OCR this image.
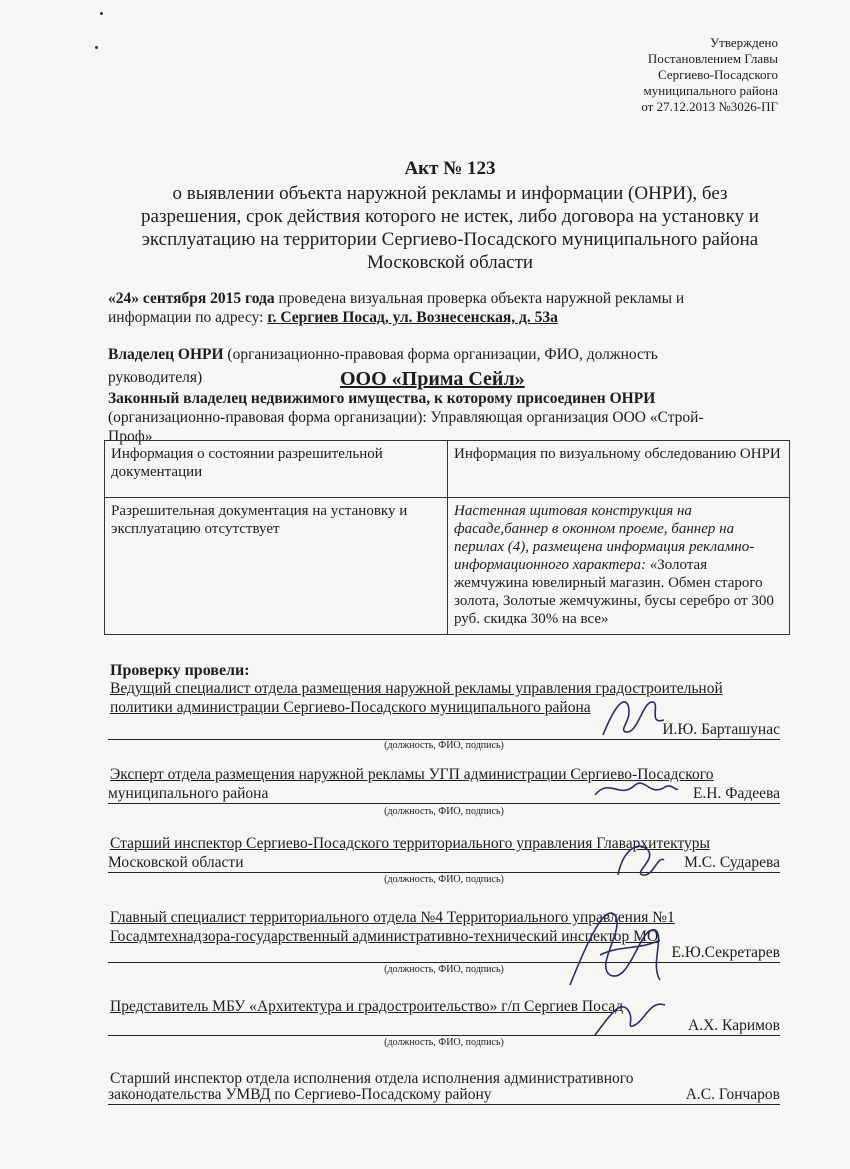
Утверждено
Постановлением Главы
Сергиево-Посадского
муниципального района
от 27.12.2013 №3026-ПГ
Акт № 123
о выявлении объекта наружной рекламы и информации (ОНРИ), без
разрешения, срок действия которого не истек, либо договора на установку и
эксплуатацию на территории Сергиево-Посадского муниципального района
Московской области
«24» сентября 2015 года проведена визуальная проверка объекта наружной рекламы и
информации по адресу: г. Сергиев Посад, ул. Вознесенская, д. 53а
Владелец ОНРИ (организационно-правовая форма организации, ФИО, должность
руководителя)	ООО «Прима Сейл»
Законный владелец недвижимого имущества, к которому присоединен ОНРИ
(организационно-правовая форма организации): Управляющая организация ООО «Строй-
Проф»
Информация о состоянии разрешительной документации	Информация по визуальному обследованию ОНРИ
Разрешительная документация на установку и эксплуатацию отсутствует	Настенная щитовая конструкция на фасаде,баннер в оконном проеме, баннер на перилах (4), размещена информация рекламно-информационного характера: «Золотая жемчужина ювелирный магазин. Обмен старого золота, Золотые жемчужины, бусы серебро от 300 руб. скидка 30% на все»
Проверку провели:
Ведущий специалист отдела размещения наружной рекламы управления градостроительной
политики администрации Сергиево-Посадского муниципального района
И.Ю. Барташунас
(должность, ФИО, подпись)
Эксперт отдела размещения наружной рекламы УГП администрации Сергиево-Посадского
муниципального района	Е.Н. Фадеева
(должность, ФИО, подпись)
Старший инспектор Сергиево-Посадского территориального управления Главархитектуры
Московской области	М.С. Сударева
(должность, ФИО, подпись)
Главный специалист территориального отдела №4 Территориального управления №1
Госадмтехнадзора-государственный административно-технический инспектор МО
Е.Ю.Секретарев
(должность, ФИО, подпись)
Представитель МБУ «Архитектура и градостроительство» г/п Сергиев Посад
А.Х. Каримов
(должность, ФИО, подпись)
Старший инспектор отдела исполнения отдела исполнения административного
законодательства УМВД по Сергиево-Посадскому району	А.С. Гончаров
